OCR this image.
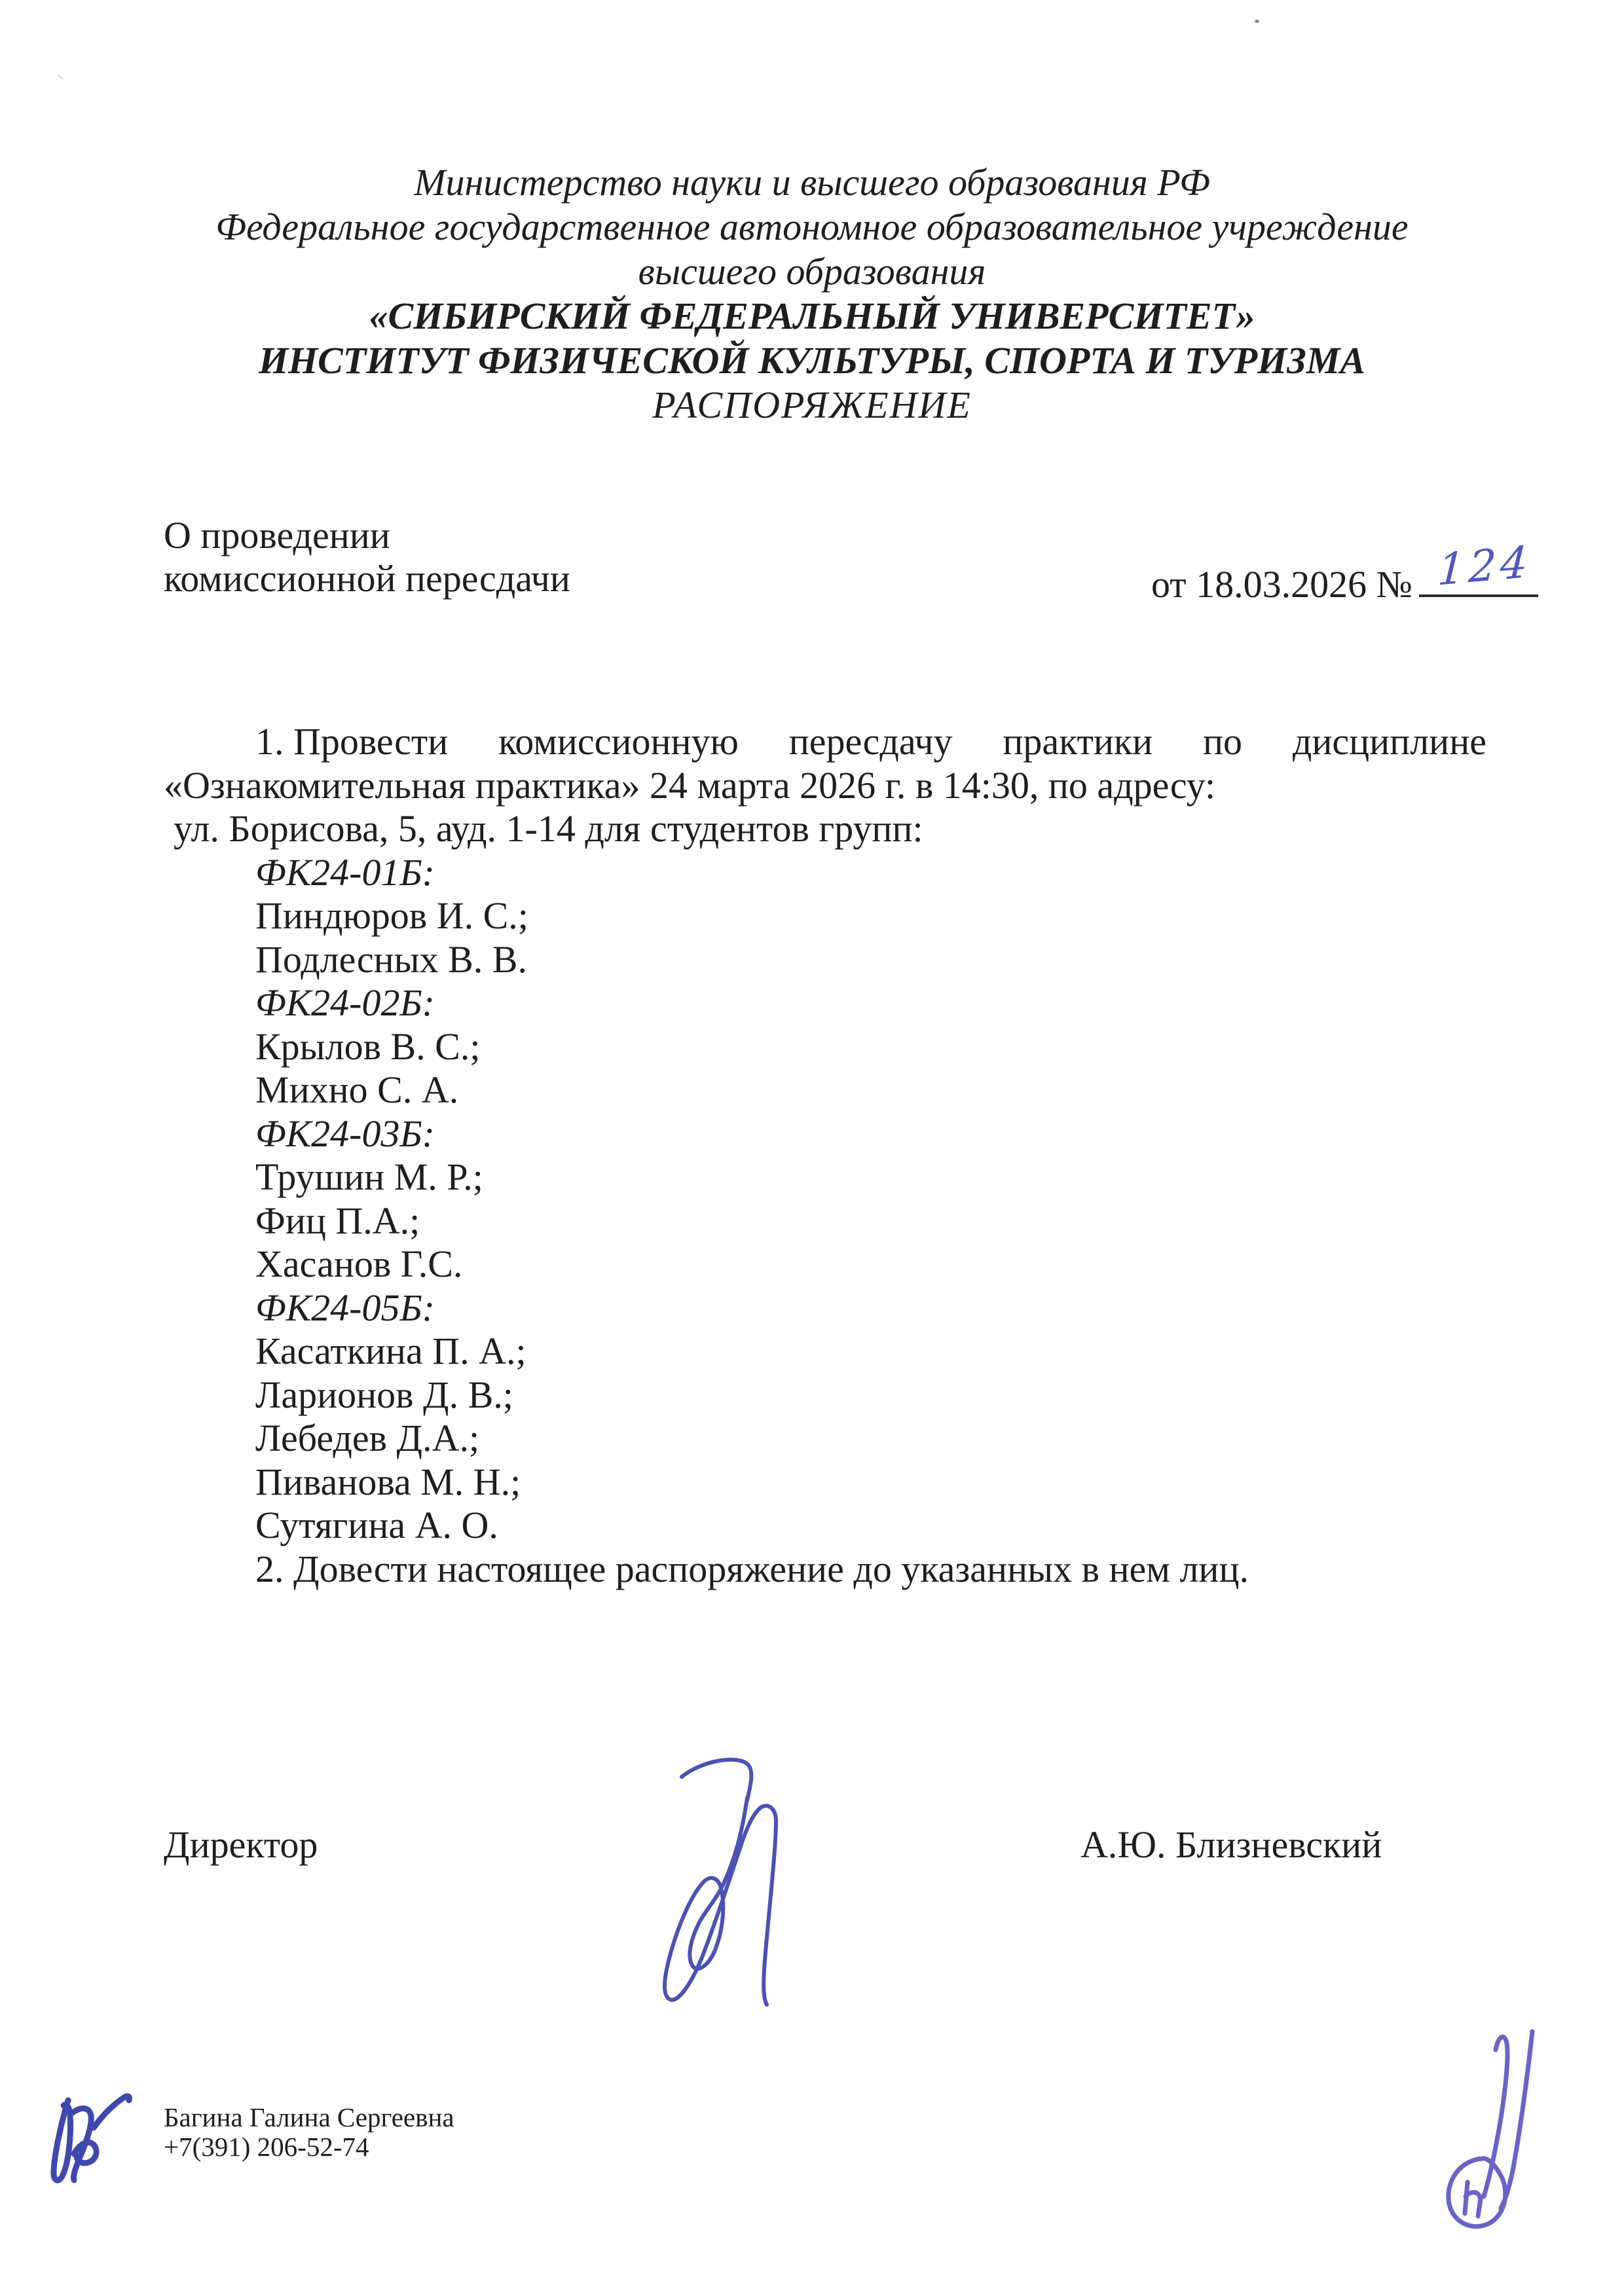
Министерство науки и высшего образования РФ
Федеральное государственное автономное образовательное учреждение
высшего образования
«СИБИРСКИЙ ФЕДЕРАЛЬНЫЙ УНИВЕРСИТЕТ»
ИНСТИТУТ ФИЗИЧЕСКОЙ КУЛЬТУРЫ, СПОРТА И ТУРИЗМА
РАСПОРЯЖЕНИЕ
О проведении
комиссионной пересдачи	от 18.03.2026 № 124
1. Провести комиссионную пересдачу практики по дисциплине
«Ознакомительная практика» 24 марта 2026 г. в 14:30, по адресу:
ул. Борисова, 5, ауд. 1-14 для студентов групп:
ФК24-01Б:
Пиндюров И. С.;
Подлесных В. В.
ФК24-02Б:
Крылов В. С.;
Михно С. А.
ФК24-03Б:
Трушин М. Р.;
Фиц П.А.;
Хасанов Г.С.
ФК24-05Б:
Касаткина П. А.;
Ларионов Д. В.;
Лебедев Д.А.;
Пиванова М. Н.;
Сутягина А. О.
2. Довести настоящее распоряжение до указанных в нем лиц.
Директор	А.Ю. Близневский
Багина Галина Сергеевна
+7(391) 206-52-74
